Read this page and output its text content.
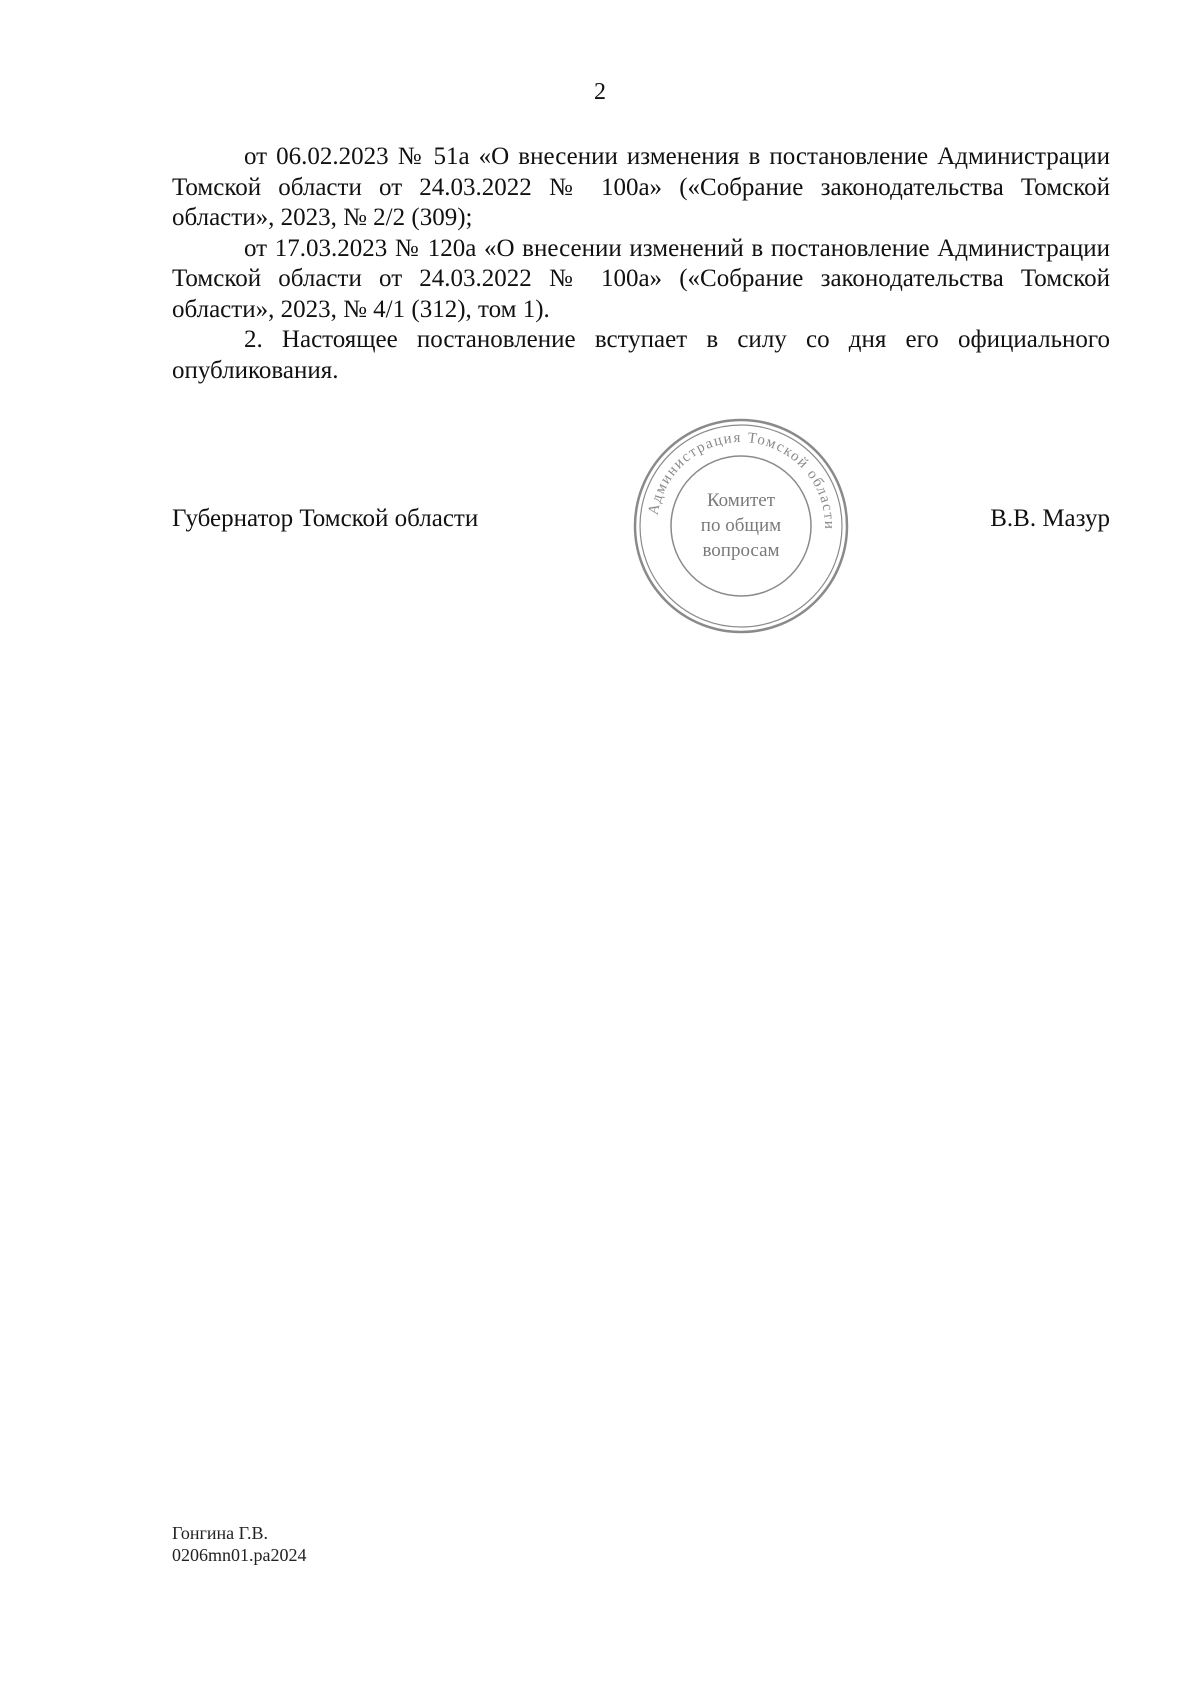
2

от 06.02.2023 № 51а «О внесении изменения в постановление Администрации Томской области от 24.03.2022 № 100а» («Собрание законодательства Томской области», 2023, № 2/2 (309);

от 17.03.2023 № 120а «О внесении изменений в постановление Администрации Томской области от 24.03.2022 № 100а» («Собрание законодательства Томской области», 2023, № 4/1 (312), том 1).

2. Настоящее постановление вступает в силу со дня его официального опубликования.

Губернатор Томской области	В.В. Мазур
Администрация Томской области
Комитет
по общим
вопросам
Гонгина Г.В.
0206mn01.ра2024
